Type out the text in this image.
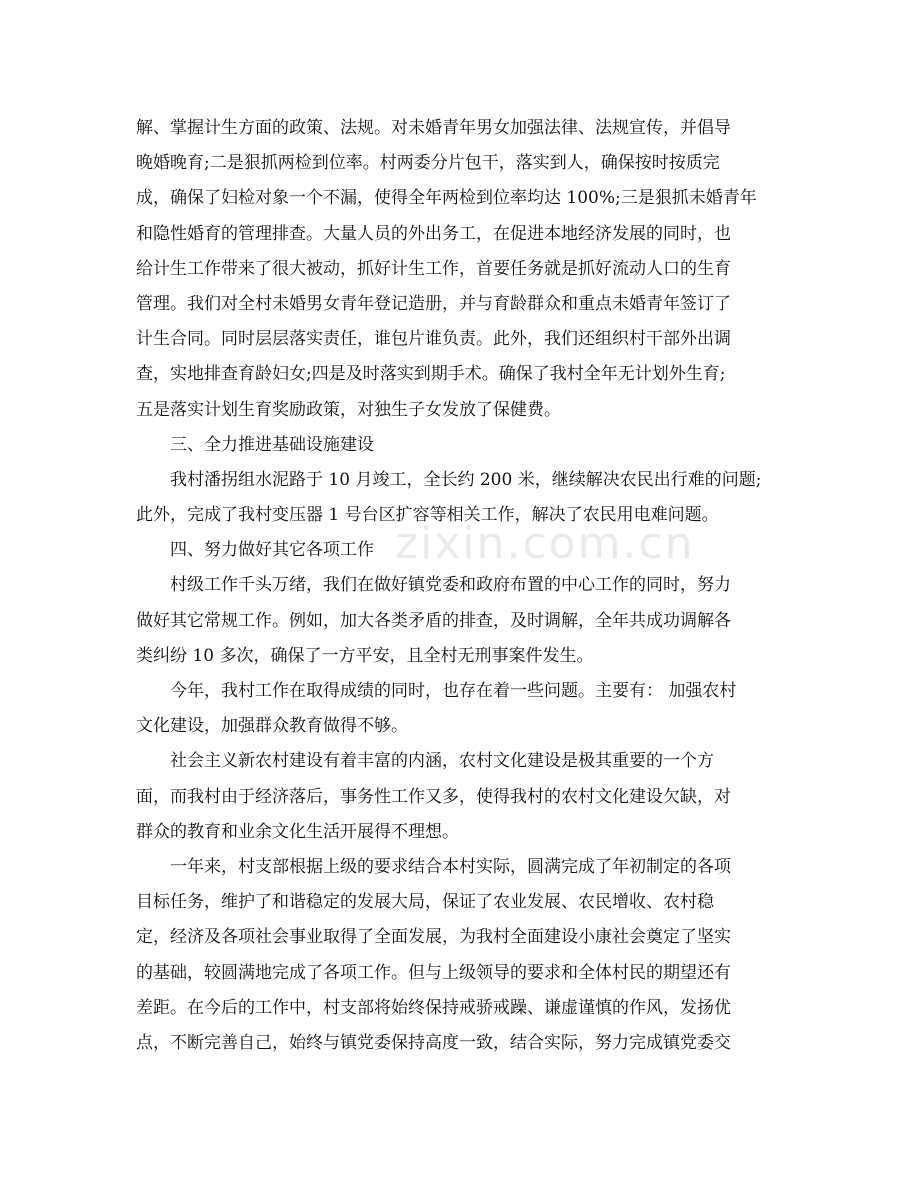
zixin.com.cn
解、掌握计生方面的政策、法规。对未婚青年男女加强法律、法规宣传，并倡导
晚婚晚育;二是狠抓两检到位率。村两委分片包干，落实到人，确保按时按质完
成，确保了妇检对象一个不漏，使得全年两检到位率均达 100%;三是狠抓未婚青年
和隐性婚育的管理排查。大量人员的外出务工，在促进本地经济发展的同时，也
给计生工作带来了很大被动，抓好计生工作，首要任务就是抓好流动人口的生育
管理。我们对全村未婚男女青年登记造册，并与育龄群众和重点未婚青年签订了
计生合同。同时层层落实责任，谁包片谁负责。此外，我们还组织村干部外出调
查，实地排查育龄妇女;四是及时落实到期手术。确保了我村全年无计划外生育;
五是落实计划生育奖励政策，对独生子女发放了保健费。
三、全力推进基础设施建设
我村潘拐组水泥路于 10 月竣工，全长约 200 米，继续解决农民出行难的问题;
此外，完成了我村变压器 1 号台区扩容等相关工作，解决了农民用电难问题。
四、努力做好其它各项工作
村级工作千头万绪，我们在做好镇党委和政府布置的中心工作的同时，努力
做好其它常规工作。例如，加大各类矛盾的排查，及时调解，全年共成功调解各
类纠纷 10 多次，确保了一方平安，且全村无刑事案件发生。
今年，我村工作在取得成绩的同时，也存在着一些问题。主要有： 加强农村
文化建设，加强群众教育做得不够。
社会主义新农村建设有着丰富的内涵，农村文化建设是极其重要的一个方
面，而我村由于经济落后，事务性工作又多，使得我村的农村文化建设欠缺，对
群众的教育和业余文化生活开展得不理想。
一年来，村支部根据上级的要求结合本村实际，圆满完成了年初制定的各项
目标任务，维护了和谐稳定的发展大局，保证了农业发展、农民增收、农村稳
定，经济及各项社会事业取得了全面发展，为我村全面建设小康社会奠定了坚实
的基础，较圆满地完成了各项工作。但与上级领导的要求和全体村民的期望还有
差距。在今后的工作中，村支部将始终保持戒骄戒躁、谦虚谨慎的作风，发扬优
点，不断完善自己，始终与镇党委保持高度一致，结合实际，努力完成镇党委交
